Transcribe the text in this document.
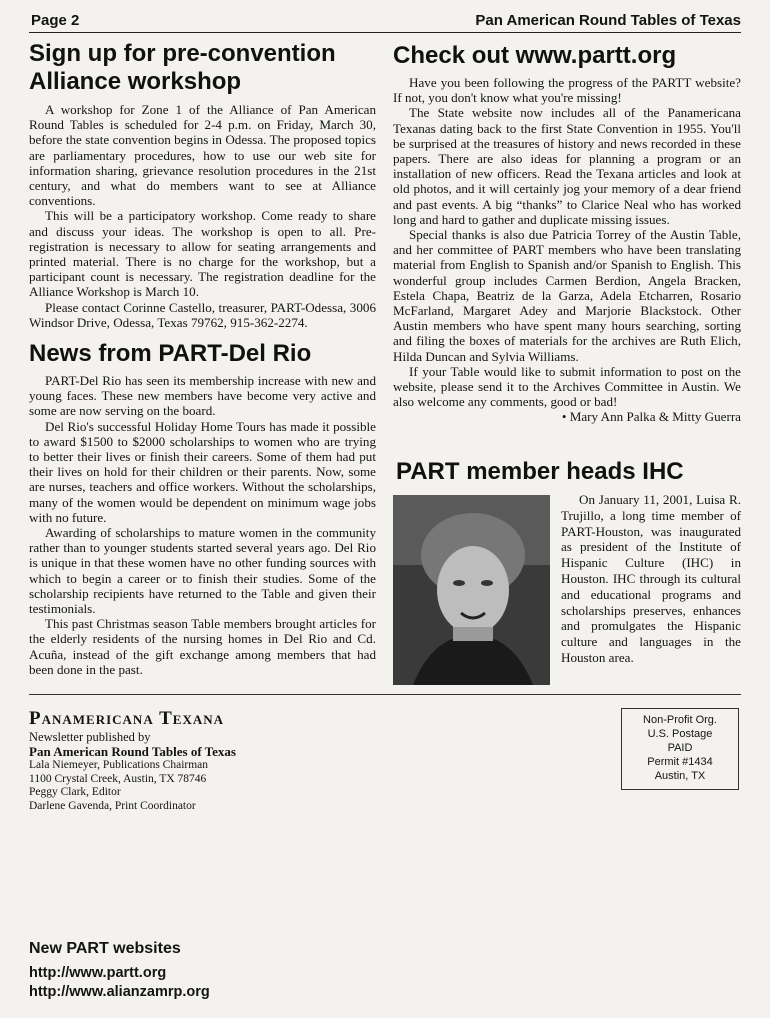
Page 2	Pan American Round Tables of Texas
Sign up for pre-convention
Alliance workshop

A workshop for Zone 1 of the Alliance of Pan American Round Tables is scheduled for 2-4 p.m. on Friday, March 30, before the state convention begins in Odessa. The proposed topics are parliamentary procedures, how to use our web site for information sharing, grievance resolution procedures in the 21st century, and what do members want to see at Alliance conventions.

This will be a participatory workshop. Come ready to share and discuss your ideas. The workshop is open to all. Pre-registration is necessary to allow for seating arrangements and printed material. There is no charge for the workshop, but a participant count is necessary. The registration deadline for the Alliance Workshop is March 10.

Please contact Corinne Castello, treasurer, PART-Odessa, 3006 Windsor Drive, Odessa, Texas 79762, 915-362-2274.

News from PART-Del Rio

PART-Del Rio has seen its membership increase with new and young faces. These new members have become very active and some are now serving on the board.

Del Rio's successful Holiday Home Tours has made it possible to award $1500 to $2000 scholarships to women who are trying to better their lives or finish their careers. Some of them had put their lives on hold for their children or their parents. Now, some are nurses, teachers and office workers. Without the scholarships, many of the women would be dependent on minimum wage jobs with no future.

Awarding of scholarships to mature women in the community rather than to younger students started several years ago. Del Rio is unique in that these women have no other funding sources with which to begin a career or to finish their studies. Some of the scholarship recipients have returned to the Table and given their testimonials.

This past Christmas season Table members brought articles for the elderly residents of the nursing homes in Del Rio and Cd. Acuña, instead of the gift exchange among members that had been done in the past.

Check out www.partt.org

Have you been following the progress of the PARTT website? If not, you don't know what you're missing!

The State website now includes all of the Panamericana Texanas dating back to the first State Convention in 1955. You'll be surprised at the treasures of history and news recorded in these papers. There are also ideas for planning a program or an installation of new officers. Read the Texana articles and look at old photos, and it will certainly jog your memory of a dear friend and past events. A big “thanks” to Clarice Neal who has worked long and hard to gather and duplicate missing issues.

Special thanks is also due Patricia Torrey of the Austin Table, and her committee of PART members who have been translating material from English to Spanish and/or Spanish to English. This wonderful group includes Carmen Berdion, Angela Bracken, Estela Chapa, Beatriz de la Garza, Adela Etcharren, Rosario McFarland, Margaret Adey and Marjorie Blackstock. Other Austin members who have spent many hours searching, sorting and filing the boxes of materials for the archives are Ruth Elich, Hilda Duncan and Sylvia Williams.

If your Table would like to submit information to post on the website, please send it to the Archives Committee in Austin. We also welcome any comments, good or bad!

• Mary Ann Palka & Mitty Guerra
PART member heads IHC

On January 11, 2001, Luisa R. Trujillo, a long time member of PART-Houston, was inaugurated as president of the Institute of Hispanic Culture (IHC) in Houston. IHC through its cultural and educational programs and scholarships preserves, enhances and promulgates the Hispanic culture and languages in the Houston area.

Panamericana Texana
Newsletter published by
Pan American Round Tables of Texas
Lala Niemeyer, Publications Chairman
1100 Crystal Creek, Austin, TX 78746
Peggy Clark, Editor
Darlene Gavenda, Print Coordinator
Non-Profit Org.
U.S. Postage
PAID
Permit #1434
Austin, TX
New PART websites
http://www.partt.org
http://www.alianzamrp.org
